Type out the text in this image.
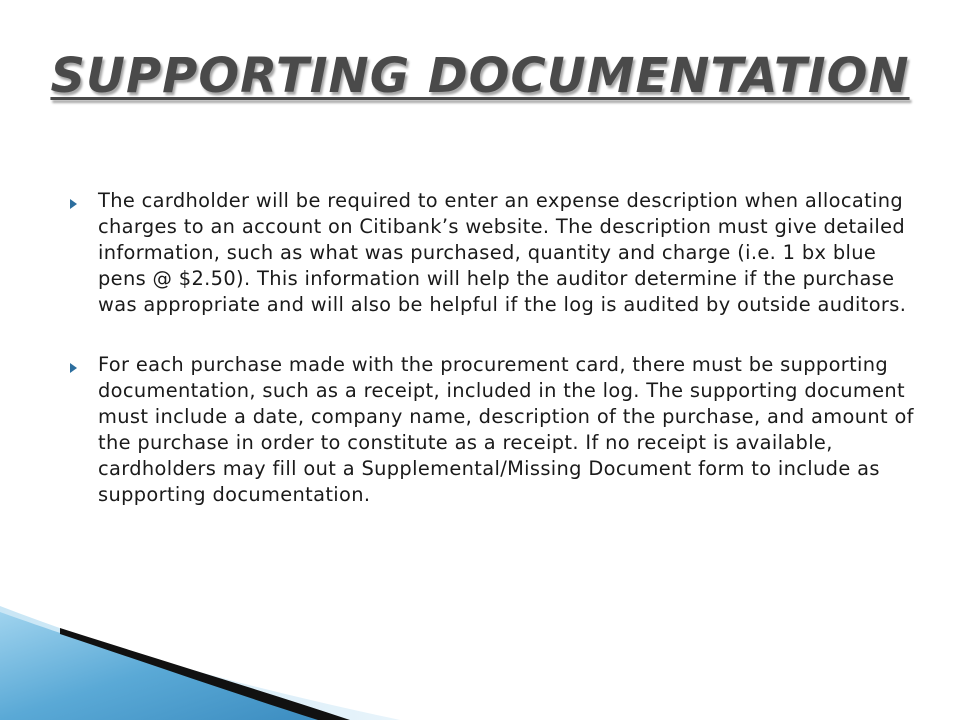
SUPPORTING DOCUMENTATION

The cardholder will be required to enter an expense description when allocating charges to an account on Citibank’s website. The description must give detailed information, such as what was purchased, quantity and charge (i.e. 1 bx blue pens @ $2.50). This information will help the auditor determine if the purchase was appropriate and will also be helpful if the log is audited by outside auditors.

For each purchase made with the procurement card, there must be supporting documentation, such as a receipt, included in the log. The supporting document must include a date, company name, description of the purchase, and amount of the purchase in order to constitute as a receipt. If no receipt is available, cardholders may fill out a Supplemental/Missing Document form to include as supporting documentation.
